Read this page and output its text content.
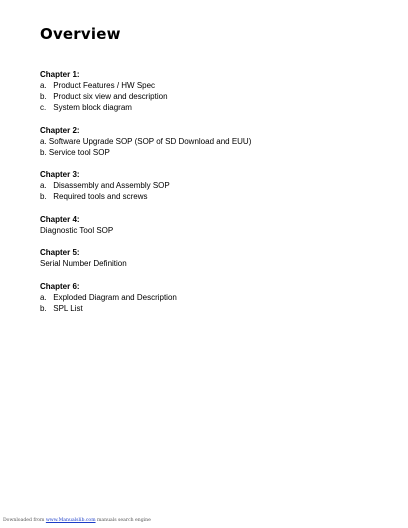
Overview

Chapter 1:

a. Product Features / HW Spec

b. Product six view and description

c. System block diagram

Chapter 2:

a. Software Upgrade SOP (SOP of SD Download and EUU)

b. Service tool SOP

Chapter 3:

a. Disassembly and Assembly SOP

b. Required tools and screws

Chapter 4:

Diagnostic Tool SOP

Chapter 5:

Serial Number Definition

Chapter 6:

a. Exploded Diagram and Description

b. SPL List

Downloaded from www.Manualslib.com manuals search engine
